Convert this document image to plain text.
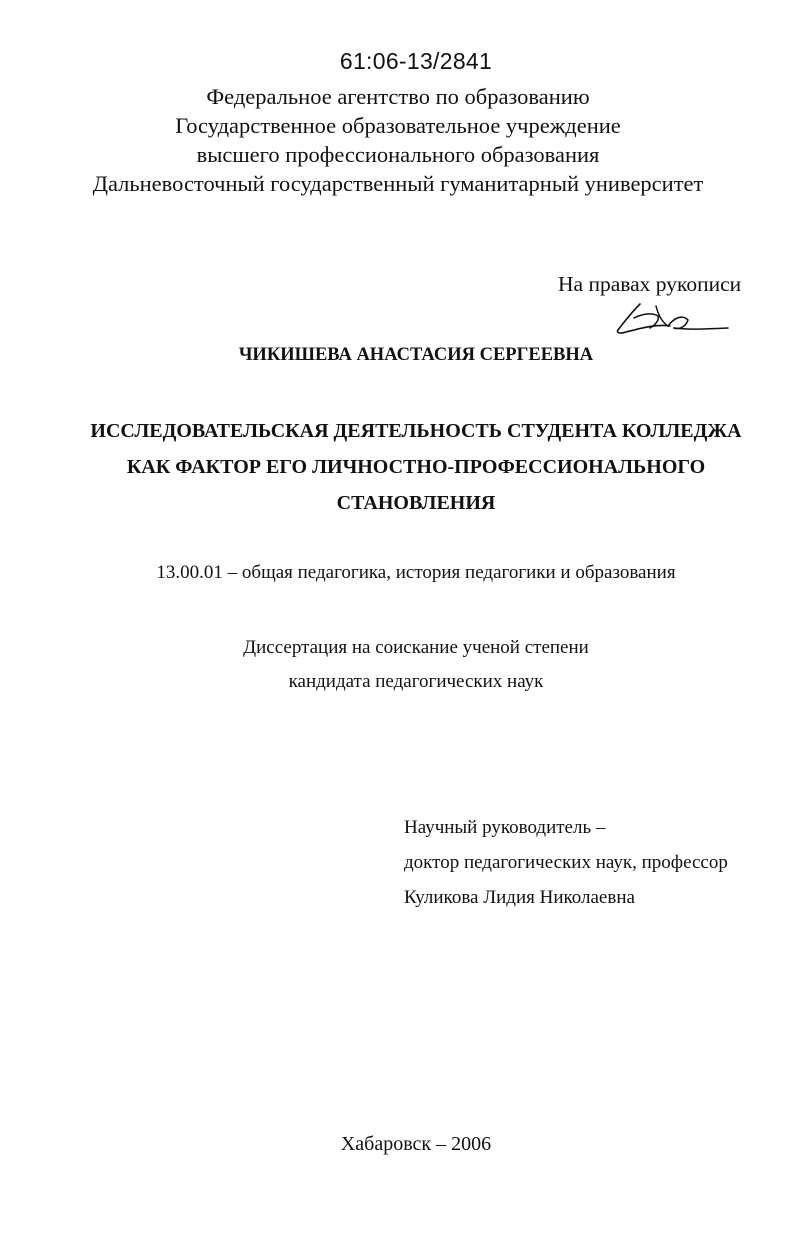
61:06-13/2841
Федеральное агентство по образованию
Государственное образовательное учреждение
высшего профессионального образования
Дальневосточный государственный гуманитарный университет
На правах рукописи
ЧИКИШЕВА АНАСТАСИЯ СЕРГЕЕВНА
ИССЛЕДОВАТЕЛЬСКАЯ ДЕЯТЕЛЬНОСТЬ СТУДЕНТА КОЛЛЕДЖА
КАК ФАКТОР ЕГО ЛИЧНОСТНО-ПРОФЕССИОНАЛЬНОГО
СТАНОВЛЕНИЯ
13.00.01 – общая педагогика, история педагогики и образования
Диссертация на соискание ученой степени
кандидата педагогических наук
Научный руководитель –
доктор педагогических наук, профессор
Куликова Лидия Николаевна
Хабаровск – 2006
